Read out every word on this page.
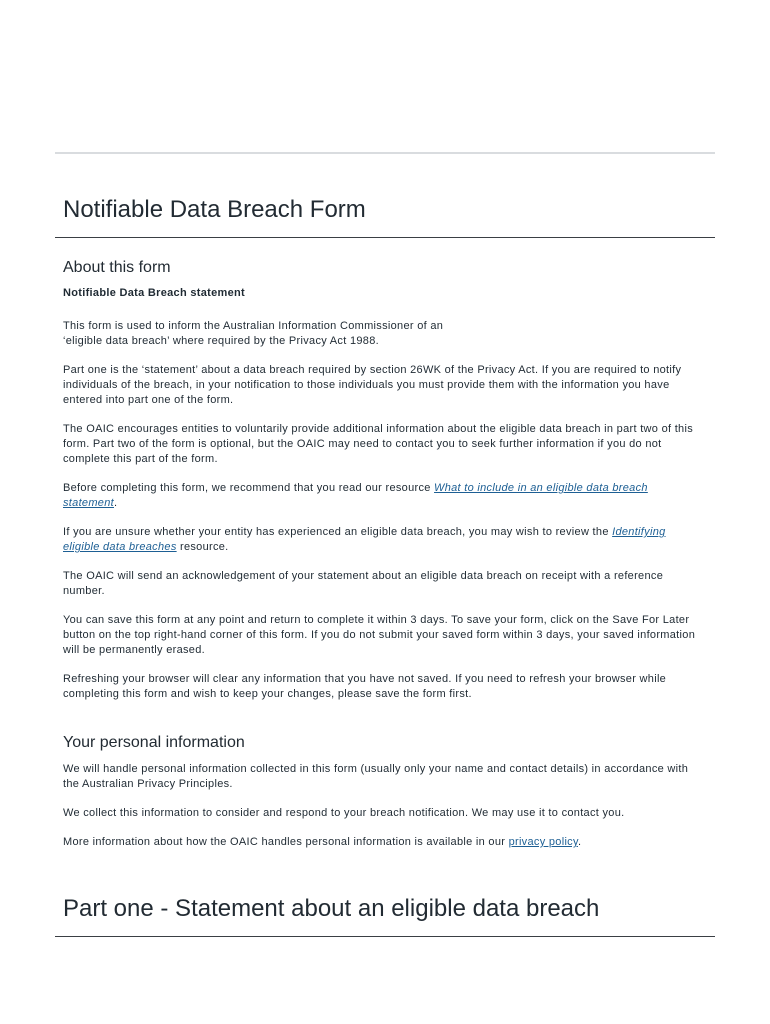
Notifiable Data Breach Form
About this form
Notifiable Data Breach statement

This form is used to inform the Australian Information Commissioner of an
‘eligible data breach’ where required by the Privacy Act 1988.

Part one is the ‘statement’ about a data breach required by section 26WK of the Privacy Act. If you are required to notify individuals of the breach, in your notification to those individuals you must provide them with the information you have entered into part one of the form.

The OAIC encourages entities to voluntarily provide additional information about the eligible data breach in part two of this form. Part two of the form is optional, but the OAIC may need to contact you to seek further information if you do not complete this part of the form.

Before completing this form, we recommend that you read our resource What to include in an eligible data breach statement.

If you are unsure whether your entity has experienced an eligible data breach, you may wish to review the Identifying eligible data breaches resource.

The OAIC will send an acknowledgement of your statement about an eligible data breach on receipt with a reference number.

You can save this form at any point and return to complete it within 3 days. To save your form, click on the Save For Later button on the top right-hand corner of this form. If you do not submit your saved form within 3 days, your saved information will be permanently erased.

Refreshing your browser will clear any information that you have not saved. If you need to refresh your browser while completing this form and wish to keep your changes, please save the form first.

Your personal information

We will handle personal information collected in this form (usually only your name and contact details) in accordance with the Australian Privacy Principles.

We collect this information to consider and respond to your breach notification. We may use it to contact you.

More information about how the OAIC handles personal information is available in our privacy policy.

Part one - Statement about an eligible data breach
